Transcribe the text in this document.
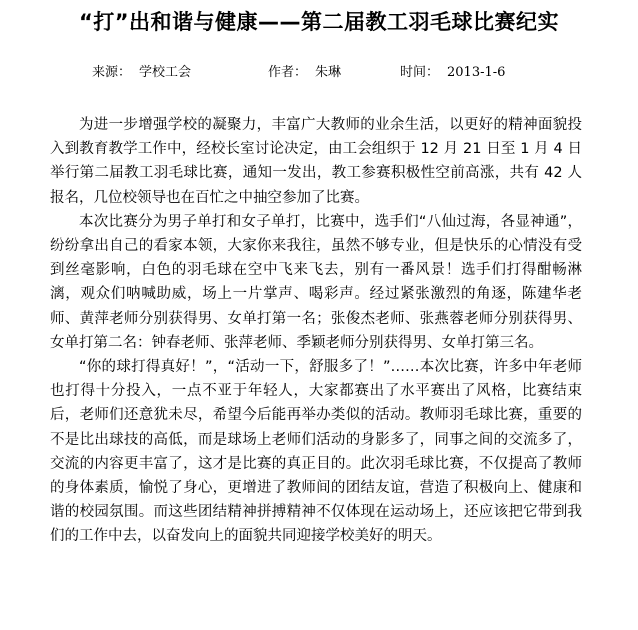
“打”出和谐与健康——第二届教工羽毛球比赛纪实
来源： 学校工会	作者： 朱琳	时间： 2013-1-6

为进一步增强学校的凝聚力，丰富广大教师的业余生活，以更好的精神面貌投入到教育教学工作中，经校长室讨论决定，由工会组织于 12 月 21 日至 1 月 4 日举行第二届教工羽毛球比赛，通知一发出，教工参赛积极性空前高涨，共有 42 人报名，几位校领导也在百忙之中抽空参加了比赛。

本次比赛分为男子单打和女子单打，比赛中，选手们“八仙过海，各显神通”，纷纷拿出自己的看家本领，大家你来我往，虽然不够专业，但是快乐的心情没有受到丝毫影响，白色的羽毛球在空中飞来飞去，别有一番风景！选手们打得酣畅淋漓，观众们呐喊助威，场上一片掌声、喝彩声。经过紧张激烈的角逐，陈建华老师、黄萍老师分别获得男、女单打第一名；张俊杰老师、张燕蓉老师分别获得男、女单打第二名：钟春老师、张萍老师、季颖老师分别获得男、女单打第三名。

“你的球打得真好！”，“活动一下，舒服多了！”……本次比赛，许多中年老师也打得十分投入，一点不亚于年轻人，大家都赛出了水平赛出了风格，比赛结束后，老师们还意犹未尽，希望今后能再举办类似的活动。教师羽毛球比赛，重要的不是比出球技的高低，而是球场上老师们活动的身影多了，同事之间的交流多了，交流的内容更丰富了，这才是比赛的真正目的。此次羽毛球比赛，不仅提高了教师的身体素质，愉悦了身心，更增进了教师间的团结友谊，营造了积极向上、健康和谐的校园氛围。而这些团结精神拼搏精神不仅体现在运动场上，还应该把它带到我们的工作中去，以奋发向上的面貌共同迎接学校美好的明天。
